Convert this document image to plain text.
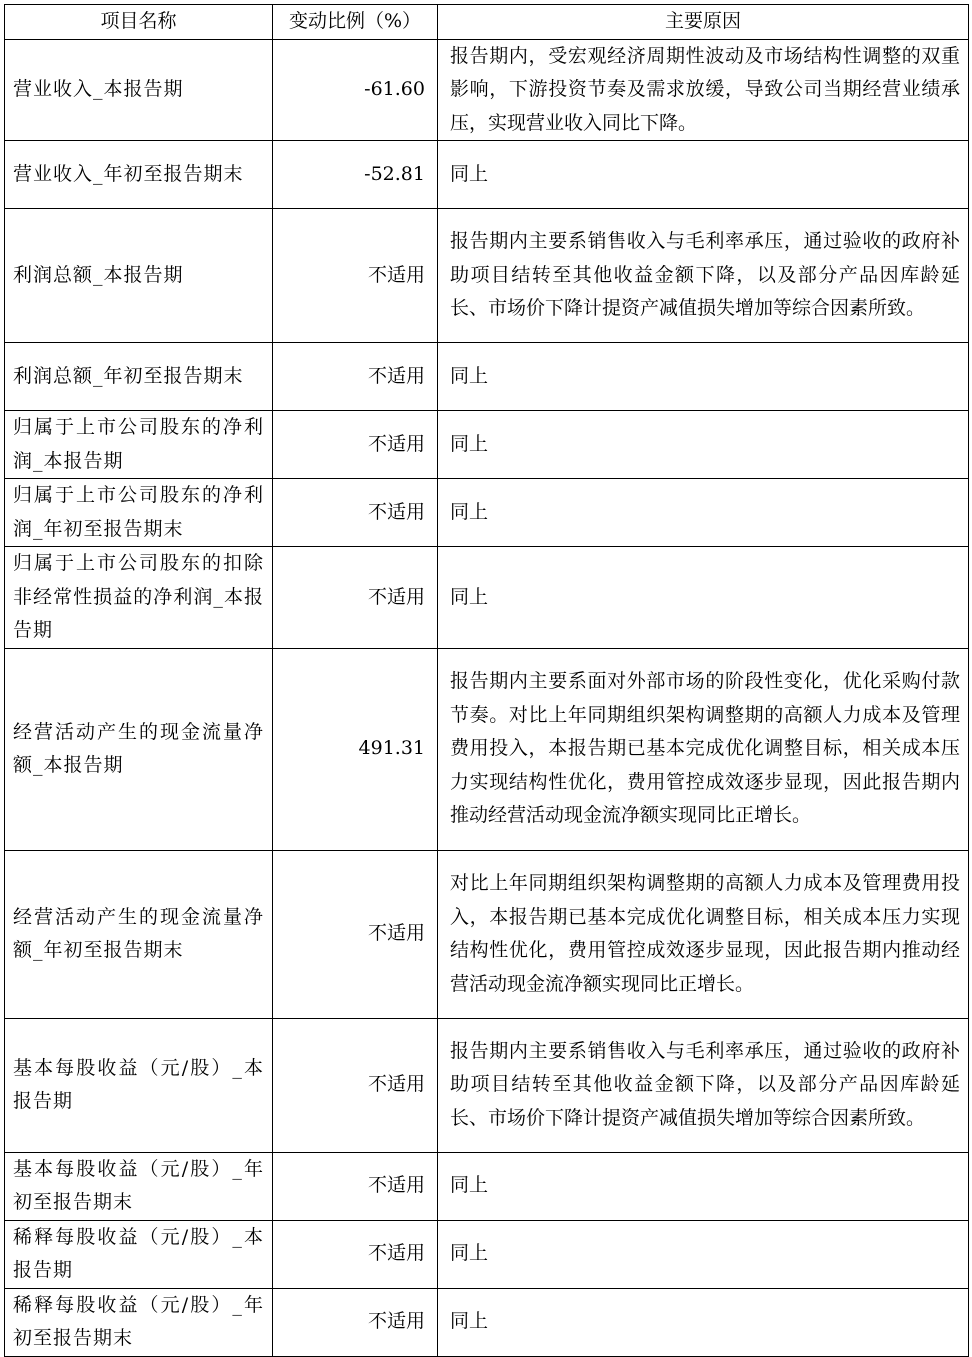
项目名称	变动比例（%）	主要原因
营业收入_本报告期	-61.60	报告期内，受宏观经济周期性波动及市场结构性调整的双重影响，下游投资节奏及需求放缓，导致公司当期经营业绩承压，实现营业收入同比下降。
营业收入_年初至报告期末	-52.81	同上
利润总额_本报告期	不适用	报告期内主要系销售收入与毛利率承压，通过验收的政府补助项目结转至其他收益金额下降，以及部分产品因库龄延长、市场价下降计提资产减值损失增加等综合因素所致。
利润总额_年初至报告期末	不适用	同上
归属于上市公司股东的净利润_本报告期	不适用	同上
归属于上市公司股东的净利润_年初至报告期末	不适用	同上
归属于上市公司股东的扣除非经常性损益的净利润_本报告期	不适用	同上
经营活动产生的现金流量净额_本报告期	491.31	报告期内主要系面对外部市场的阶段性变化，优化采购付款节奏。对比上年同期组织架构调整期的高额人力成本及管理费用投入，本报告期已基本完成优化调整目标，相关成本压力实现结构性优化，费用管控成效逐步显现，因此报告期内推动经营活动现金流净额实现同比正增长。
经营活动产生的现金流量净额_年初至报告期末	不适用	对比上年同期组织架构调整期的高额人力成本及管理费用投入，本报告期已基本完成优化调整目标，相关成本压力实现结构性优化，费用管控成效逐步显现，因此报告期内推动经营活动现金流净额实现同比正增长。
基本每股收益（元/股）_本报告期	不适用	报告期内主要系销售收入与毛利率承压，通过验收的政府补助项目结转至其他收益金额下降，以及部分产品因库龄延长、市场价下降计提资产减值损失增加等综合因素所致。
基本每股收益（元/股）_年初至报告期末	不适用	同上
稀释每股收益（元/股）_本报告期	不适用	同上
稀释每股收益（元/股）_年初至报告期末	不适用	同上
